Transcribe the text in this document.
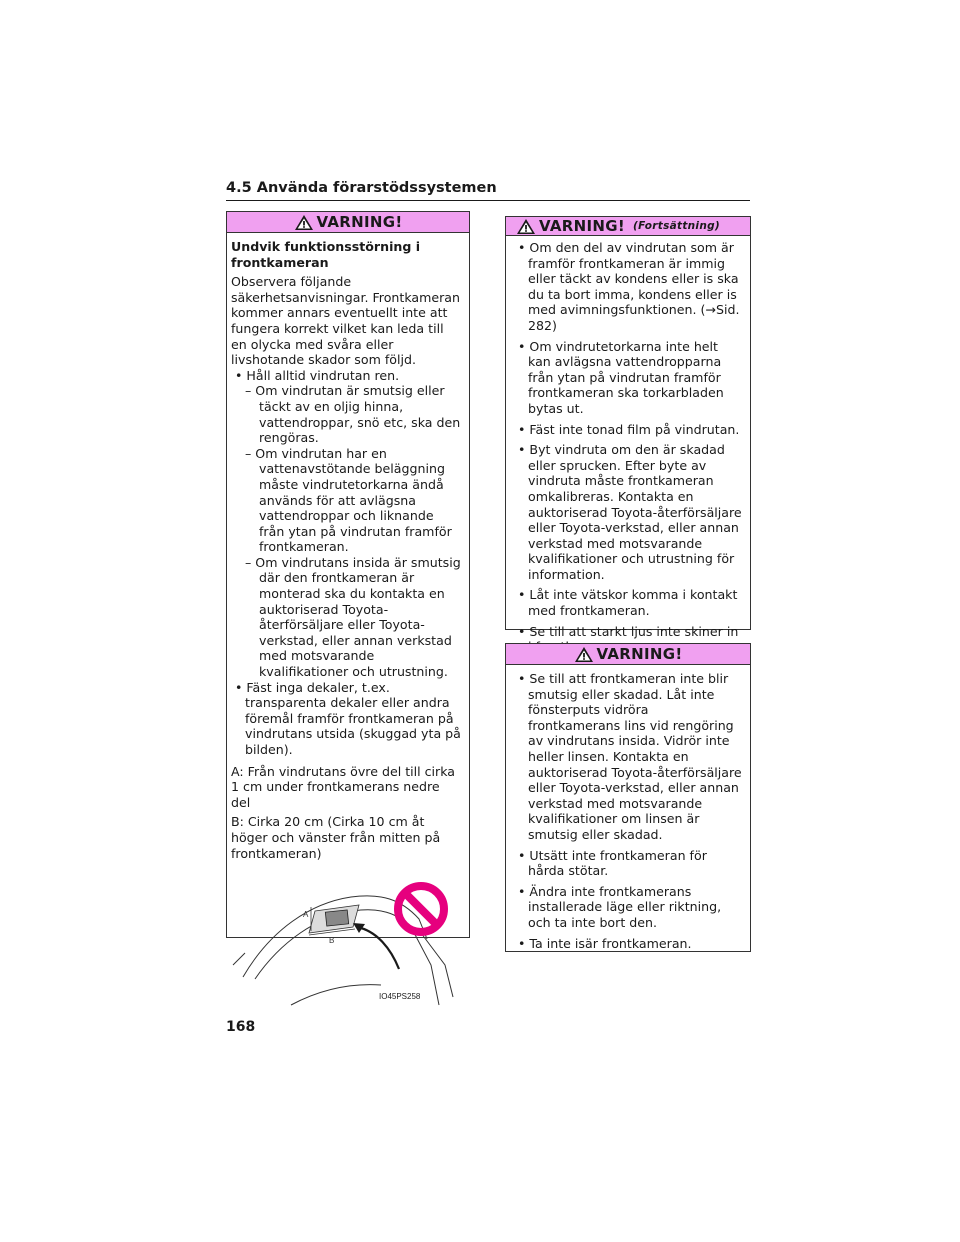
4.5 Använda förarstödssystemen
VARNING!

Undvik funktionsstörning i frontkameran

Observera följande säkerhetsanvisningar. Frontkameran kommer annars eventuellt inte att fungera korrekt vilket kan leda till en olycka med svåra eller livshotande skador som följd.

• Håll alltid vindrutan ren.
– Om vindrutan är smutsig eller täckt av en oljig hinna, vattendroppar, snö etc, ska den rengöras.
– Om vindrutan har en vattenavstötande beläggning måste vindrutetorkarna ändå används för att avlägsna vattendroppar och liknande från ytan på vindrutan framför frontkameran.
– Om vindrutans insida är smutsig där den frontkameran är monterad ska du kontakta en auktoriserad Toyota-återförsäljare eller Toyota-verkstad, eller annan verkstad med motsvarande kvalifikationer och utrustning.
• Fäst inga dekaler, t.ex. transparenta dekaler eller andra föremål framför frontkameran på vindrutans utsida (skuggad yta på bilden).

A: Från vindrutans övre del till cirka 1 cm under frontkamerans nedre del

B: Cirka 20 cm (Cirka 10 cm åt höger och vänster från mitten på frontkameran)

A
B
IO45PS258
VARNING! (Fortsättning)
• Om den del av vindrutan som är framför frontkameran är immig eller täckt av kondens eller is ska du ta bort imma, kondens eller is med avimningsfunktionen. (→Sid. 282)
• Om vindrutetorkarna inte helt kan avlägsna vattendropparna från ytan på vindrutan framför frontkameran ska torkarbladen bytas ut.
• Fäst inte tonad film på vindrutan.
• Byt vindruta om den är skadad eller sprucken. Efter byte av vindruta måste frontkameran omkalibreras. Kontakta en auktoriserad Toyota-återförsäljare eller Toyota-verkstad, eller annan verkstad med motsvarande kvalifikationer och utrustning för information.
• Låt inte vätskor komma i kontakt med frontkameran.
• Se till att starkt ljus inte skiner in
VARNING!
• Se till att frontkameran inte blir smutsig eller skadad. Låt inte fönsterputs vidröra frontkamerans lins vid rengöring av vindrutans insida. Vidrör inte heller linsen. Kontakta en auktoriserad Toyota-återförsäljare eller Toyota-verkstad, eller annan verkstad med motsvarande kvalifikationer om linsen är smutsig eller skadad.
• Utsätt inte frontkameran för hårda stötar.
• Ändra inte frontkamerans installerade läge eller riktning, och ta inte bort den.
• Ta inte isär frontkameran.
168
